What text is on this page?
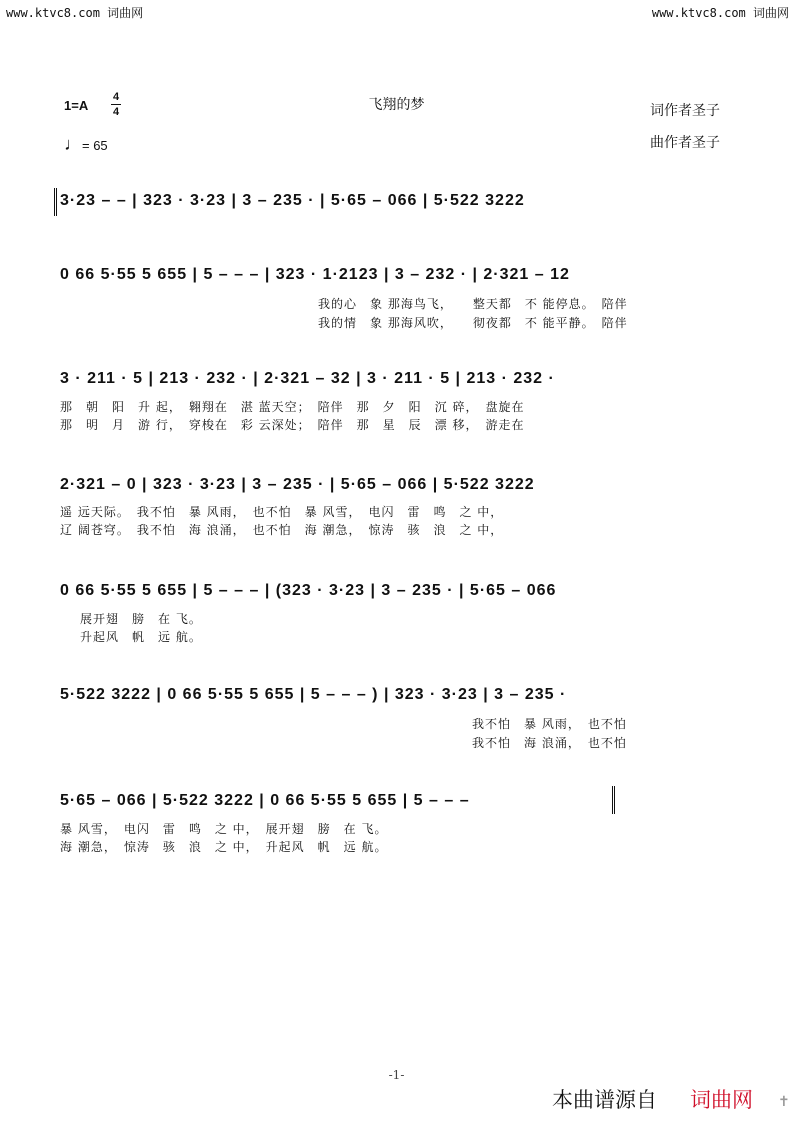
www.ktvc8.com 词曲网	www.ktvc8.com 词曲网
飞翔的梦
1=A
4
4
♩= 65
词作者圣子
曲作者圣子
3·23 – – | 323 · 3·23 | 3 – 235 · | 5·65 – 066 | 5·522 3222
0 66 5·55 5 655 | 5 – – – | 323 · 1·2123 | 3 – 232 · | 2·321 – 12
我的心　象 那海鸟飞，　　整天都　不 能停息。　陪伴
我的情　象 那海风吹，　　彻夜都　不 能平静。　陪伴
3 · 211 · 5 | 213 · 232 · | 2·321 – 32 | 3 · 211 · 5 | 213 · 232 ·
那　朝　阳　升 起，　翱翔在　湛 蓝天空；　陪伴　那　夕　阳　沉 碎，　盘旋在
那　明　月　游 行，　穿梭在　彩 云深处；　陪伴　那　星　辰　漂 移，　游走在
2·321 – 0 | 323 · 3·23 | 3 – 235 · | 5·65 – 066 | 5·522 3222
遥 远天际。　我不怕　暴 风雨，　也不怕　暴 风雪，　电闪　雷　鸣　之 中，
辽 阔苍穹。　我不怕　海 浪涌，　也不怕　海 潮急，　惊涛　骇　浪　之 中，
0 66 5·55 5 655 | 5 – – – | (323 · 3·23 | 3 – 235 · | 5·65 – 066
展开翅　膀　在 飞。
升起风　帆　远 航。
5·522 3222 | 0 66 5·55 5 655 | 5 – – – ) | 323 · 3·23 | 3 – 235 ·
我不怕　暴 风雨，　也不怕
我不怕　海 浪涌，　也不怕
5·65 – 066 | 5·522 3222 | 0 66 5·55 5 655 | 5 – – –
暴 风雪，　电闪　雷　鸣　之 中，　展开翅　膀　在 飞。
海 潮急，　惊涛　骇　浪　之 中，　升起风　帆　远 航。
-1-
本曲谱源自 词曲网 ✝
